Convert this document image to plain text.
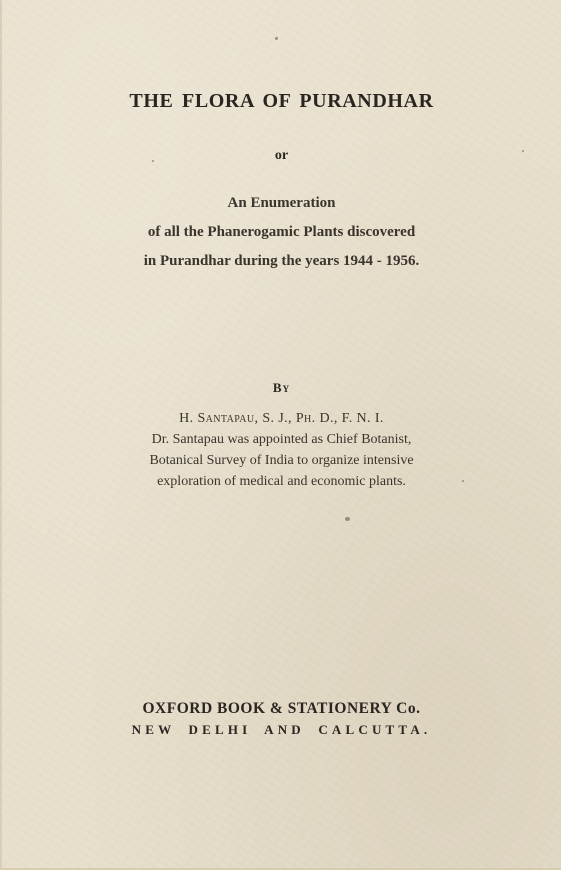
THE FLORA OF PURANDHAR
or
An Enumeration
of all the Phanerogamic Plants discovered
in Purandhar during the years 1944 - 1956.
By
H. Santapau, S. J., Ph. D., F. N. I.
Dr. Santapau was appointed as Chief Botanist,
Botanical Survey of India to organize intensive
exploration of medical and economic plants.
OXFORD BOOK & STATIONERY Co.
NEW DELHI AND CALCUTTA.
